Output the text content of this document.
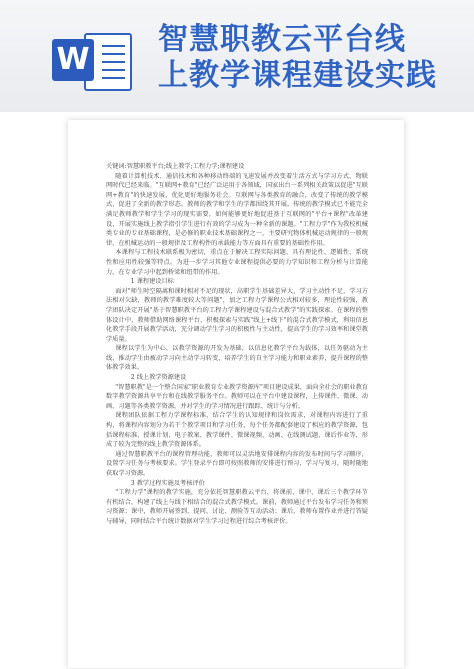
W
智慧职教云平台线
上教学课程建设实践

关键词:智慧职教平台;线上教学;工程力学;课程建设

随着计算机技术、通信技术和各种移动终端的飞速发展并改变着生活方式与学习方式，物联网时代已经来临。"互联网+教育"已经广泛运用于各领域，国家出台一系列相关政策以促进"互联网+教育"的快速发展，优化更好地服务社会。互联网与各类教育的融合，改变了传统的教学模式，促进了全新的教学形态。教师的教学和学生的学都围绕其开展。传统的教学模式已不能完全满足教师教学和学生学习的现实需要，如何能够更好地促进基于互联网的"平台+课程"改革建设，开展实施线上教学指引学生进行有效的学习成为一种全新的课题。"工程力学"作为我校机械类专业的专业基础课程，是必修的职业技术基础课程之一，主要研究物体机械运动规律的一般规律，在机械运动的一般规律及工程构件的承载能力等方面具有重要的基础性作用。

本课程与工程技术联系极为密切，重点在于解决工程实际问题，具有理论性、逻辑性、系统性和应用性较强等特点。为进一步学习其他专业课程提供必要的力学知识和工程分析与计算能力，在专业学习中起到桥梁和纽带的作用。

1 课程建设目标

面对"师生时空隔离和课时相对不足的现状，高职学生基础差异大，学习主动性不足，学习方法相对欠缺，教师的教学难度较大等问题"，加之工程力学课程公式相对较多，理论性较强，教学团队决定开展"基于智慧职教平台的工程力学课程建设与混合式教学"的实践探索。在课程的整体设计中，教师借助网络课程平台，积极探索与实践"线上+线下"的混合式教学模式，利用信息化教学手段开展教学活动，充分调动学生学习的积极性与主动性，提高学生的学习效率和课堂教学质量。

课程以学生为中心，以教学资源的开发为基础，以信息化教学平台为载体，以任务驱动为主线，推动学生由被动学习向主动学习转变，培养学生的自主学习能力和职业素养，提升课程的整体教学效果。

2 线上教学资源建设

"智慧职教"是一个整合国家"职业教育专业教学资源库"项目建设成果，面向全社会的职业教育数字教学资源共享平台和在线教学服务平台。教师可以在平台中建设课程，上传课件、微课、动画、习题等各类教学资源，并对学生的学习情况进行跟踪、统计与分析。

课程团队依据工程力学课程标准，结合学生的认知规律和岗位需求，对课程内容进行了重构，将课程内容划分为若干个教学项目和学习任务，每个任务都配套建设了相应的教学资源，包括课程标准、授课计划、电子教案、教学课件、微课视频、动画、在线测试题、课后作业等，形成了较为完整的线上教学资源体系。

通过智慧职教平台的课程管理功能，教师可以灵活地安排课程内容的发布时间与学习顺序，设置学习任务与考核要求。学生登录平台即可按照教师的安排进行预习、学习与复习，随时随地获取学习资源。

3 教学过程实施及考核评价

"工程力学"课程的教学实施，充分依托智慧职教云平台，将课前、课中、课后三个教学环节有机结合，构建了线上与线下相结合的混合式教学模式。课前，教师通过平台发布学习任务和预习资源；课中，教师开展签到、提问、讨论、测验等互动活动；课后，教师布置作业并进行答疑与辅导，同时结合平台统计数据对学生学习过程进行综合考核评价。
